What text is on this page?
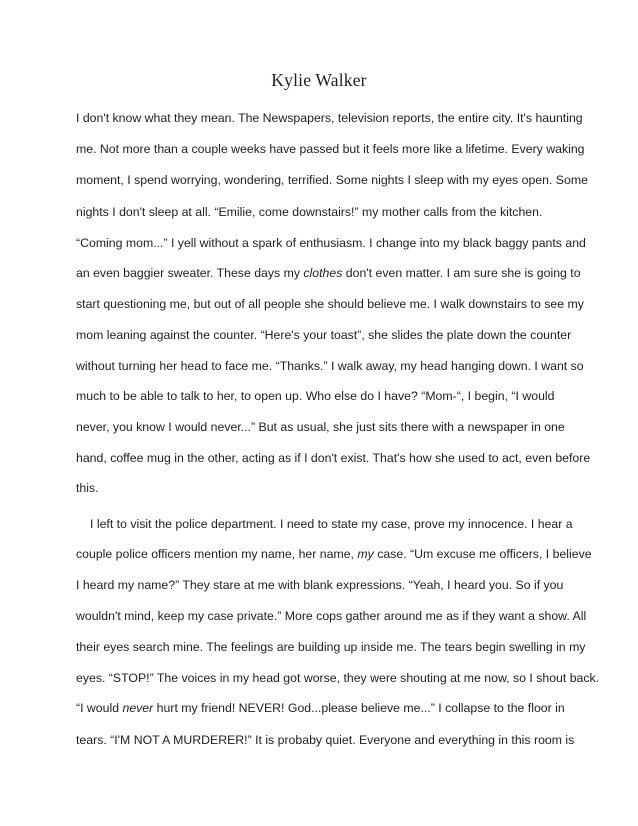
Kylie Walker
I don't know what they mean. The Newspapers, television reports, the entire city. It's haunting
me. Not more than a couple weeks have passed but it feels more like a lifetime. Every waking
moment, I spend worrying, wondering, terrified. Some nights I sleep with my eyes open. Some
nights I don't sleep at all. “Emilie, come downstairs!” my mother calls from the kitchen.
“Coming mom...” I yell without a spark of enthusiasm. I change into my black baggy pants and
an even baggier sweater. These days my clothes don't even matter. I am sure she is going to
start questioning me, but out of all people she should believe me. I walk downstairs to see my
mom leaning against the counter. “Here's your toast”, she slides the plate down the counter
without turning her head to face me. “Thanks.” I walk away, my head hanging down. I want so
much to be able to talk to her, to open up. Who else do I have? “Mom-“, I begin, “I would
never, you know I would never...” But as usual, she just sits there with a newspaper in one
hand, coffee mug in the other, acting as if I don't exist. That's how she used to act, even before
this.
I left to visit the police department. I need to state my case, prove my innocence. I hear a
couple police officers mention my name, her name, my case. “Um excuse me officers, I believe
I heard my name?” They stare at me with blank expressions. “Yeah, I heard you. So if you
wouldn't mind, keep my case private.” More cops gather around me as if they want a show. All
their eyes search mine. The feelings are building up inside me. The tears begin swelling in my
eyes. “STOP!” The voices in my head got worse, they were shouting at me now, so I shout back.
“I would never hurt my friend! NEVER! God...please believe me...” I collapse to the floor in
tears. “I'M NOT A MURDERER!” It is probaby quiet. Everyone and everything in this room is
